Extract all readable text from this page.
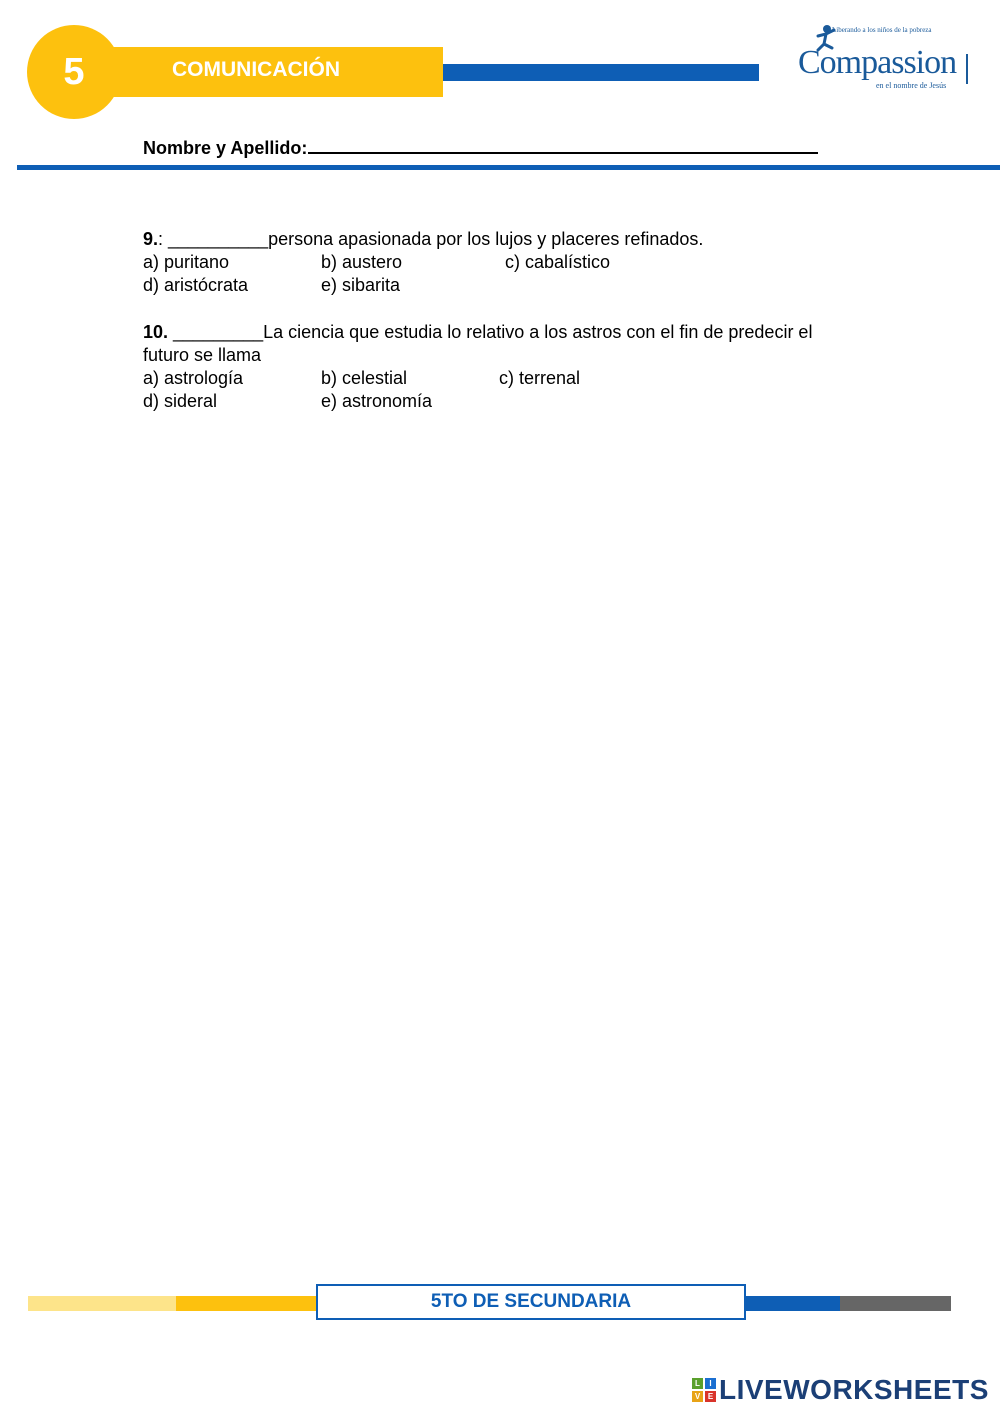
COMUNICACIÓN
5
Liberando a los niños de la pobreza
Compassion
en el nombre de Jesús
Nombre y Apellido:
9.: __________persona apasionada por los lujos y placeres refinados.
a) puritano	b) austero	c) cabalístico
d) aristócrata	e) sibarita
10. _________La ciencia que estudia lo relativo a los astros con el fin de predecir el futuro se llama
a) astrología	b) celestial	c) terrenal
d) sideral	e) astronomía
5TO DE SECUNDARIA
L	I
V E LIVEWORKSHEETS
